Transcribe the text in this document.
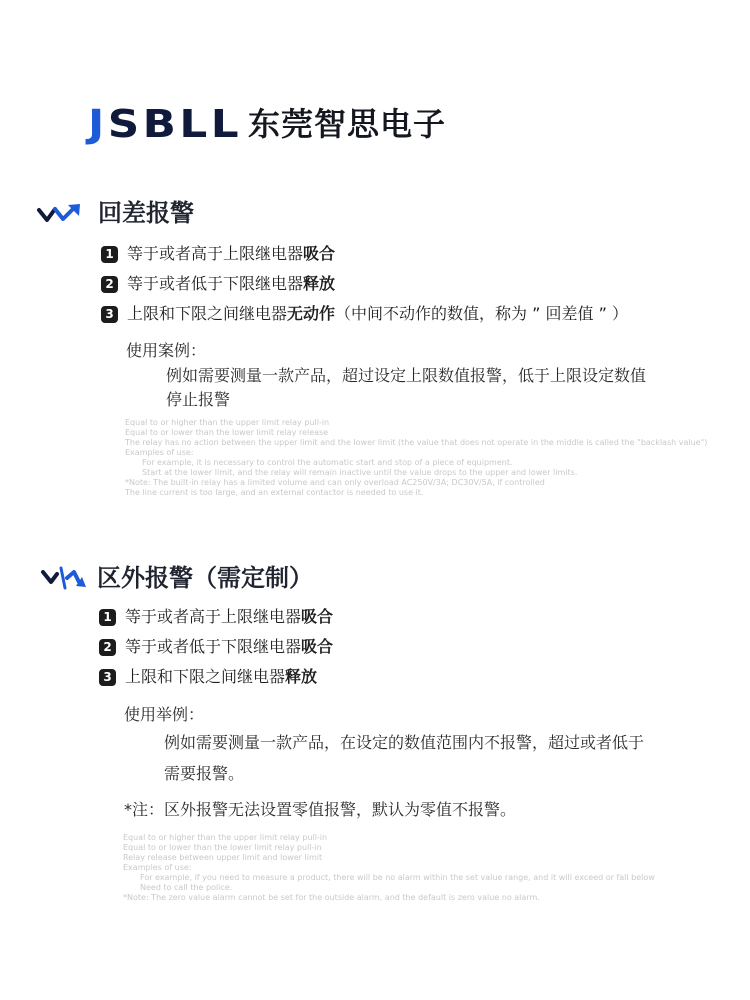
JSBLL 东莞智思电子
回差报警
1 等于或者高于上限继电器 吸合
2 等于或者低于下限继电器 释放
3 上限和下限之间继电器 无动作 （中间不动作的数值，称为 ” 回差值 ” ）
使用案例：
例如需要测量一款产品，超过设定上限数值报警，低于上限设定数值
停止报警
Equal to or higher than the upper limit relay pull-in
Equal to or lower than the lower limit relay release
The relay has no action between the upper limit and the lower limit (the value that does not operate in the middle is called the "backlash value")
Examples of use:
For example, it is necessary to control the automatic start and stop of a piece of equipment.
Start at the lower limit, and the relay will remain inactive until the value drops to the upper and lower limits.
*Note: The built-in relay has a limited volume and can only overload AC250V/3A; DC30V/5A, if controlled
The line current is too large, and an external contactor is needed to use it.
区外报警（需定制）
1 等于或者高于上限继电器 吸合
2 等于或者低于下限继电器 吸合
3 上限和下限之间继电器 释放
使用举例：
例如需要测量一款产品，在设定的数值范围内不报警，超过或者低于
需要报警。
*注：区外报警无法设置零值报警，默认为零值不报警。
Equal to or higher than the upper limit relay pull-in
Equal to or lower than the lower limit relay pull-in
Relay release between upper limit and lower limit
Examples of use:
For example, if you need to measure a product, there will be no alarm within the set value range, and it will exceed or fall below
Need to call the police.
*Note: The zero value alarm cannot be set for the outside alarm, and the default is zero value no alarm.
